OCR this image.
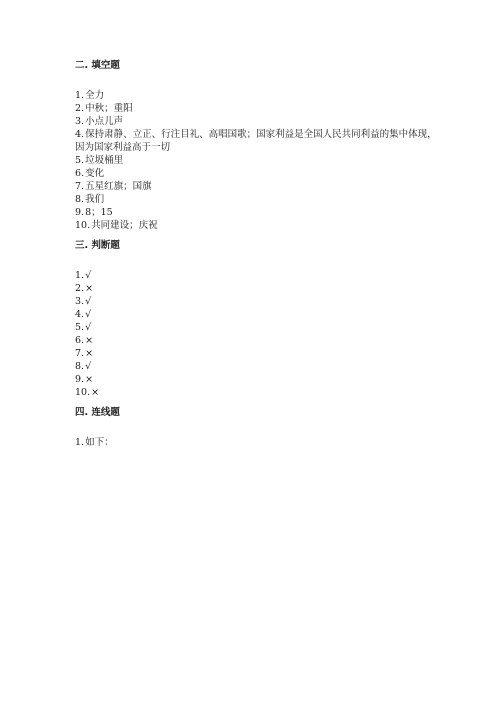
二. 填空题
1.全力
2.中秋；重阳
3.小点儿声
4.保持肃静、立正、行注目礼、高唱国歌；国家利益是全国人民共同利益的集中体现，因为国家利益高于一切
5.垃圾桶里
6.变化
7.五星红旗；国旗
8.我们
9.8；15
10.共同建设；庆祝
三. 判断题
1.√
2.×
3.√
4.√
5.√
6.×
7.×
8.√
9.×
10.×
四. 连线题
1.如下：
